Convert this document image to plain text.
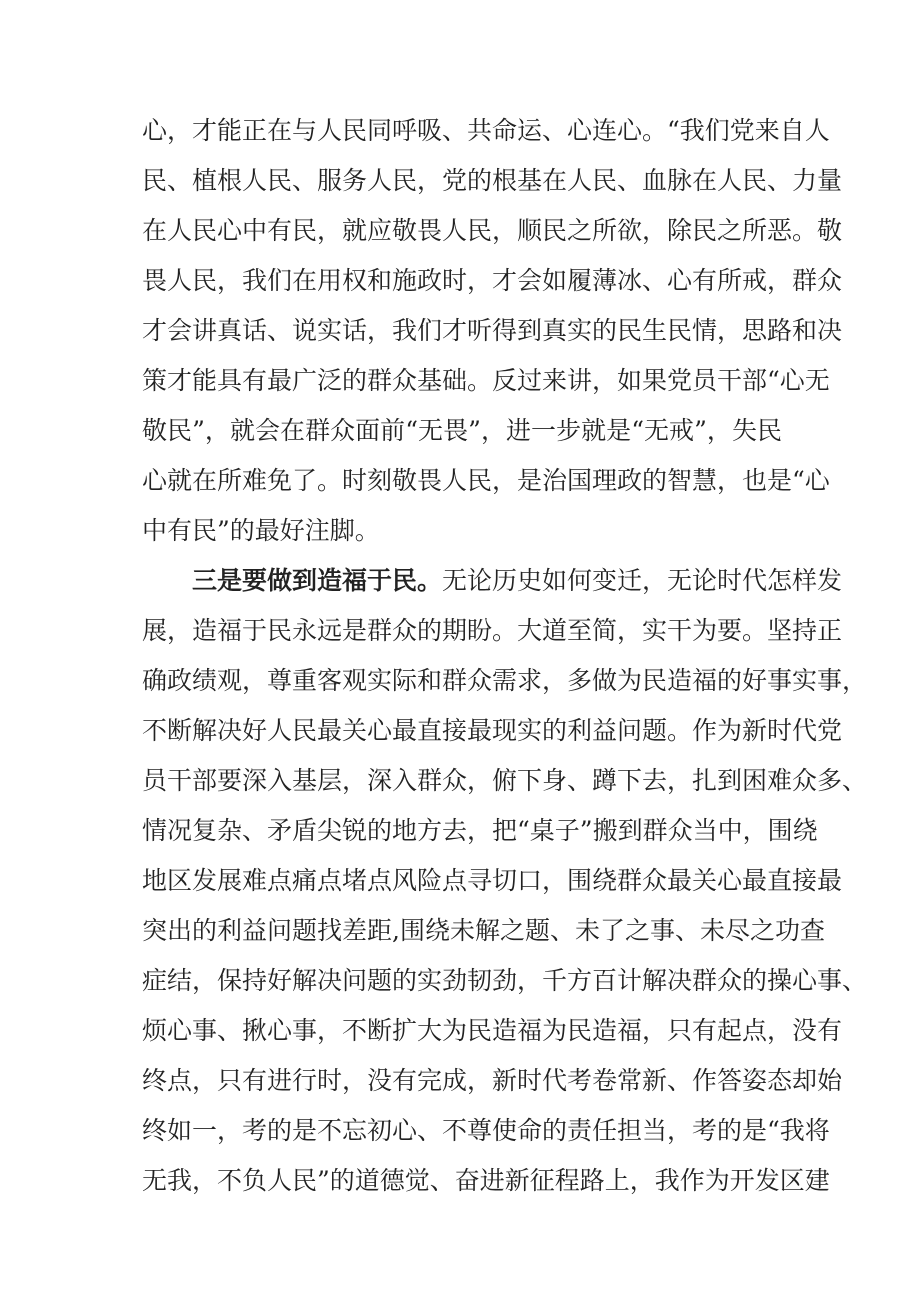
心，才能正在与人民同呼吸、共命运、心连心。“我们党来自人
民、植根人民、服务人民，党的根基在人民、血脉在人民、力量
在人民心中有民，就应敬畏人民，顺民之所欲，除民之所恶。敬
畏人民，我们在用权和施政时，才会如履薄冰、心有所戒，群众
才会讲真话、说实话，我们才听得到真实的民生民情，思路和决
策才能具有最广泛的群众基础。反过来讲，如果党员干部“心无
敬民”，就会在群众面前“无畏”，进一步就是“无戒”，失民
心就在所难免了。时刻敬畏人民，是治国理政的智慧，也是“心
中有民”的最好注脚。
三是要做到造福于民。无论历史如何变迁，无论时代怎样发
展，造福于民永远是群众的期盼。大道至简，实干为要。坚持正
确政绩观，尊重客观实际和群众需求，多做为民造福的好事实事，
不断解决好人民最关心最直接最现实的利益问题。作为新时代党
员干部要深入基层，深入群众，俯下身、蹲下去，扎到困难众多、
情况复杂、矛盾尖锐的地方去，把“桌子”搬到群众当中，围绕
地区发展难点痛点堵点风险点寻切口，围绕群众最关心最直接最
突出的利益问题找差距,围绕未解之题、未了之事、未尽之功查
症结，保持好解决问题的实劲韧劲，千方百计解决群众的操心事、
烦心事、揪心事，不断扩大为民造福为民造福，只有起点，没有
终点，只有进行时，没有完成，新时代考卷常新、作答姿态却始
终如一，考的是不忘初心、不尊使命的责任担当，考的是“我将
无我，不负人民”的道德觉、奋进新征程路上，我作为开发区建
